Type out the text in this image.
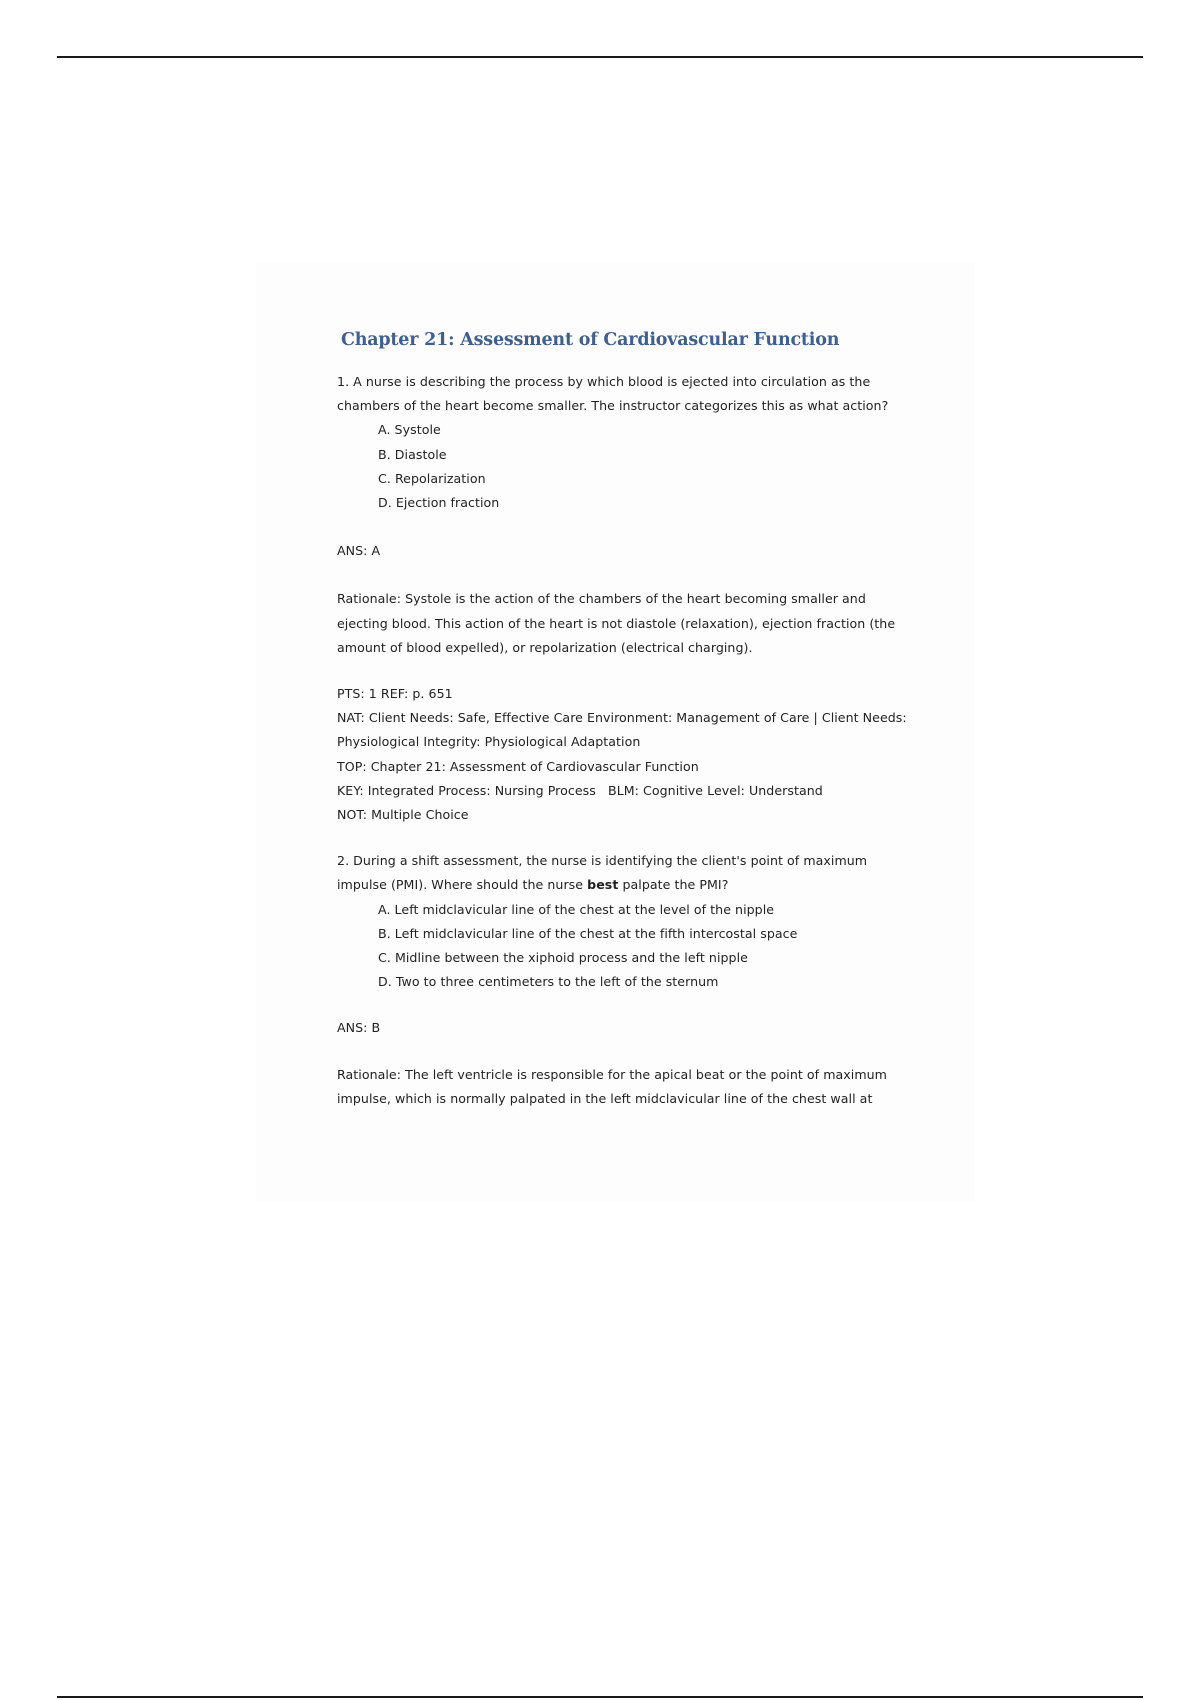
Chapter 21: Assessment of Cardiovascular Function

1. A nurse is describing the process by which blood is ejected into circulation as the chambers of the heart become smaller. The instructor categorizes this as what action?

A. Systole
B. Diastole
C. Repolarization
D. Ejection fraction

ANS: A

Rationale: Systole is the action of the chambers of the heart becoming smaller and ejecting blood. This action of the heart is not diastole (relaxation), ejection fraction (the amount of blood expelled), or repolarization (electrical charging).

PTS: 1 REF: p. 651

NAT: Client Needs: Safe, Effective Care Environment: Management of Care | Client Needs: Physiological Integrity: Physiological Adaptation

TOP: Chapter 21: Assessment of Cardiovascular Function

KEY: Integrated Process: Nursing Process   BLM: Cognitive Level: Understand

NOT: Multiple Choice

2. During a shift assessment, the nurse is identifying the client's point of maximum impulse (PMI). Where should the nurse best palpate the PMI?

A. Left midclavicular line of the chest at the level of the nipple
B. Left midclavicular line of the chest at the fifth intercostal space
C. Midline between the xiphoid process and the left nipple
D. Two to three centimeters to the left of the sternum

ANS: B

Rationale: The left ventricle is responsible for the apical beat or the point of maximum impulse, which is normally palpated in the left midclavicular line of the chest wall at
